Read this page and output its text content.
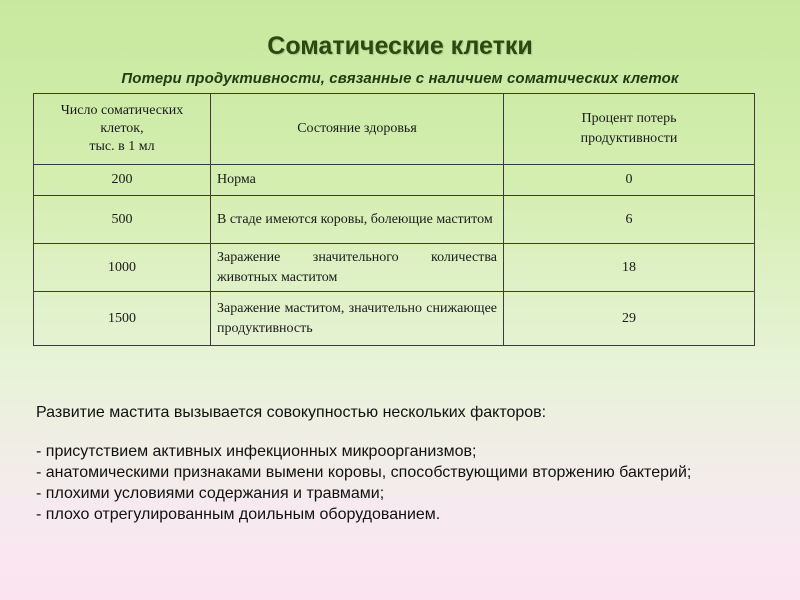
Соматические клетки
Потери продуктивности, связанные с наличием соматических клеток
Число соматических клеток,
тыс. в 1 мл	Состояние здоровья	Процент потерь продуктивности
200	Норма	0
500	В стаде имеются коровы, болеющие маститом	6
1000	Заражение значительного количества животных маститом	18
1500	Заражение маститом, значительно снижающее продуктивность	29

Развитие мастита вызывается совокупностью нескольких факторов:

- присутствием активных инфекционных микроорганизмов;

- анатомическими признаками вымени коровы, способствующими вторжению бактерий;

- плохими условиями содержания и травмами;

- плохо отрегулированным доильным оборудованием.
